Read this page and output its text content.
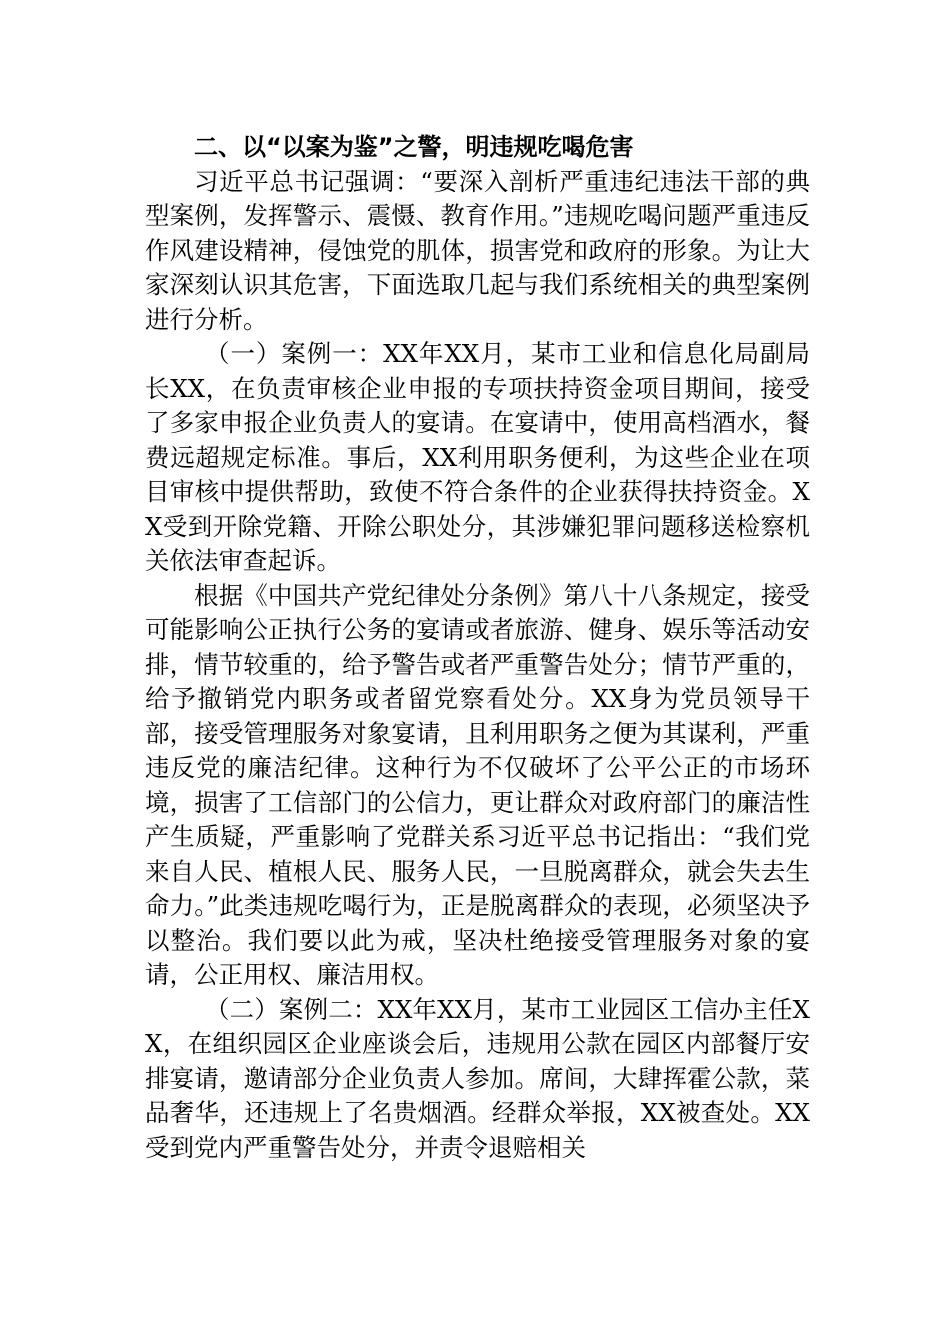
二、以“以案为鉴”之警，明违规吃喝危害

习近平总书记强调：“要深入剖析严重违纪违法干部的典型案例，发挥警示、震慑、教育作用。”违规吃喝问题严重违反作风建设精神，侵蚀党的肌体，损害党和政府的形象。为让大家深刻认识其危害，下面选取几起与我们系统相关的典型案例进行分析。

（一）案例一：XX年XX月，某市工业和信息化局副局长XX，在负责审核企业申报的专项扶持资金项目期间，接受了多家申报企业负责人的宴请。在宴请中，使用高档酒水，餐费远超规定标准。事后，XX利用职务便利，为这些企业在项目审核中提供帮助，致使不符合条件的企业获得扶持资金。XX受到开除党籍、开除公职处分，其涉嫌犯罪问题移送检察机关依法审查起诉。

根据《中国共产党纪律处分条例》第八十八条规定，接受可能影响公正执行公务的宴请或者旅游、健身、娱乐等活动安排，情节较重的，给予警告或者严重警告处分；情节严重的，给予撤销党内职务或者留党察看处分。XX身为党员领导干部，接受管理服务对象宴请，且利用职务之便为其谋利，严重违反党的廉洁纪律。这种行为不仅破坏了公平公正的市场环境，损害了工信部门的公信力，更让群众对政府部门的廉洁性产生质疑，严重影响了党群关系习近平总书记指出：“我们党来自人民、植根人民、服务人民，一旦脱离群众，就会失去生命力。”此类违规吃喝行为，正是脱离群众的表现，必须坚决予以整治。我们要以此为戒，坚决杜绝接受管理服务对象的宴请，公正用权、廉洁用权。

（二）案例二：XX年XX月，某市工业园区工信办主任XX，在组织园区企业座谈会后，违规用公款在园区内部餐厅安排宴请，邀请部分企业负责人参加。席间，大肆挥霍公款，菜品奢华，还违规上了名贵烟酒。经群众举报，XX被查处。XX受到党内严重警告处分，并责令退赔相关
